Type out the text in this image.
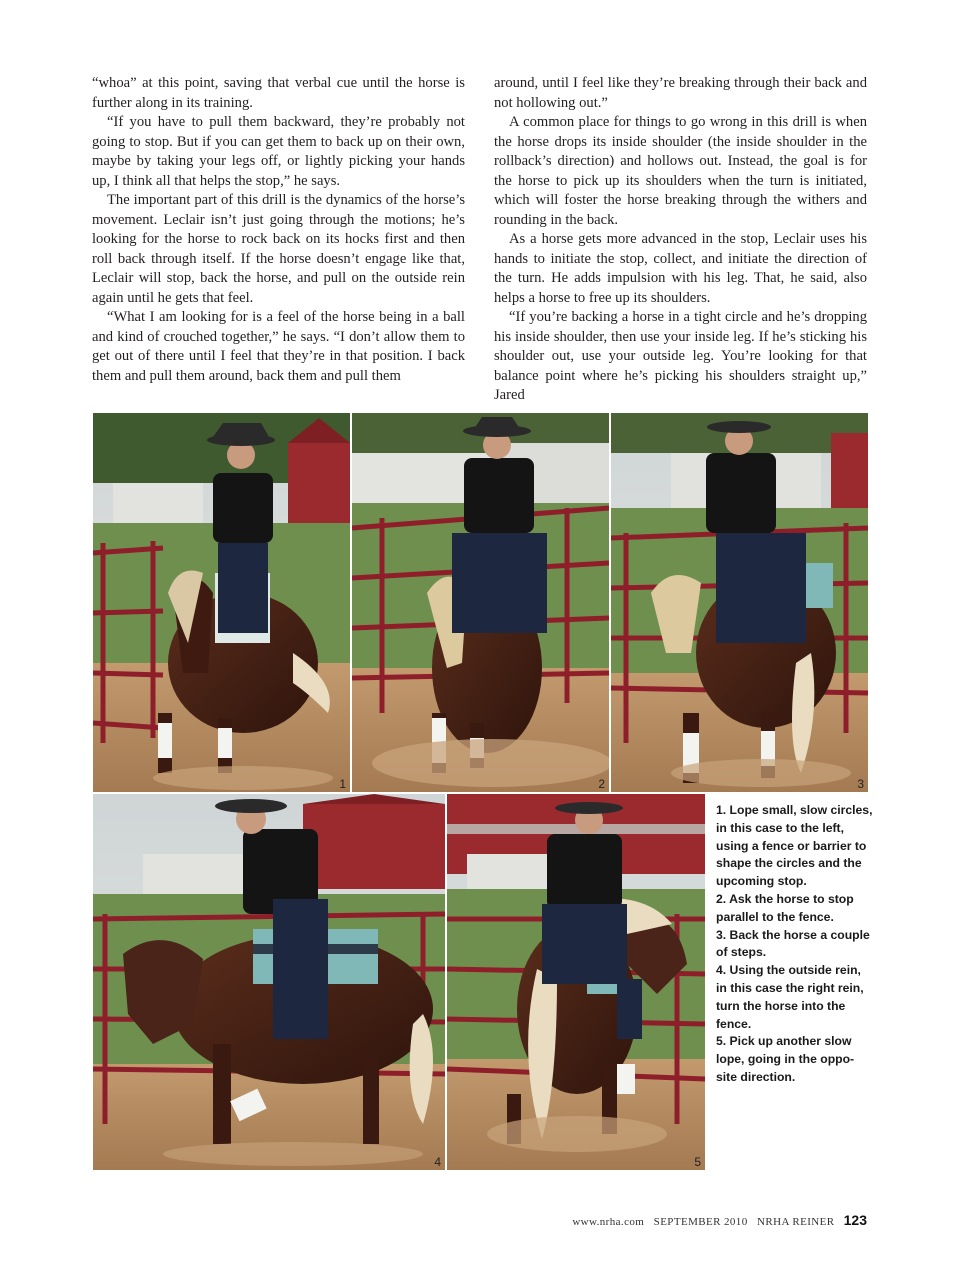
“whoa” at this point, saving that verbal cue until the horse is further along in its training.

“If you have to pull them backward, they’re probably not going to stop. But if you can get them to back up on their own, maybe by taking your legs off, or lightly picking your hands up, I think all that helps the stop,” he says.

The important part of this drill is the dynamics of the horse’s movement. Leclair isn’t just going through the motions; he’s looking for the horse to rock back on its hocks first and then roll back through itself. If the horse doesn’t engage like that, Leclair will stop, back the horse, and pull on the outside rein again until he gets that feel.

“What I am looking for is a feel of the horse being in a ball and kind of crouched together,” he says. “I don’t allow them to get out of there until I feel that they’re in that position. I back them and pull them around, back them and pull them

around, until I feel like they’re breaking through their back and not hollowing out.”

A common place for things to go wrong in this drill is when the horse drops its inside shoulder (the inside shoulder in the rollback’s direction) and hollows out. Instead, the goal is for the horse to pick up its shoulders when the turn is initiated, which will foster the horse breaking through the withers and rounding in the back.

As a horse gets more advanced in the stop, Leclair uses his hands to initiate the stop, collect, and initiate the direction of the turn. He adds impulsion with his leg. That, he said, also helps a horse to free up its shoulders.

“If you’re backing a horse in a tight circle and he’s dropping his inside shoulder, then use your inside leg. If he’s sticking his shoulder out, use your outside leg. You’re looking for that balance point where he’s picking his shoulders straight up,” Jared

1	2	3
4	5
1. Lope small, slow circles,
in this case to the left,
using a fence or barrier to
shape the circles and the
upcoming stop.
2. Ask the horse to stop
parallel to the fence.
3. Back the horse a couple
of steps.
4. Using the outside rein,
in this case the right rein,
turn the horse into the
fence.
5. Pick up another slow
lope, going in the oppo-
site direction.
www.nrha.com SEPTEMBER 2010 NRHA REINER 123
